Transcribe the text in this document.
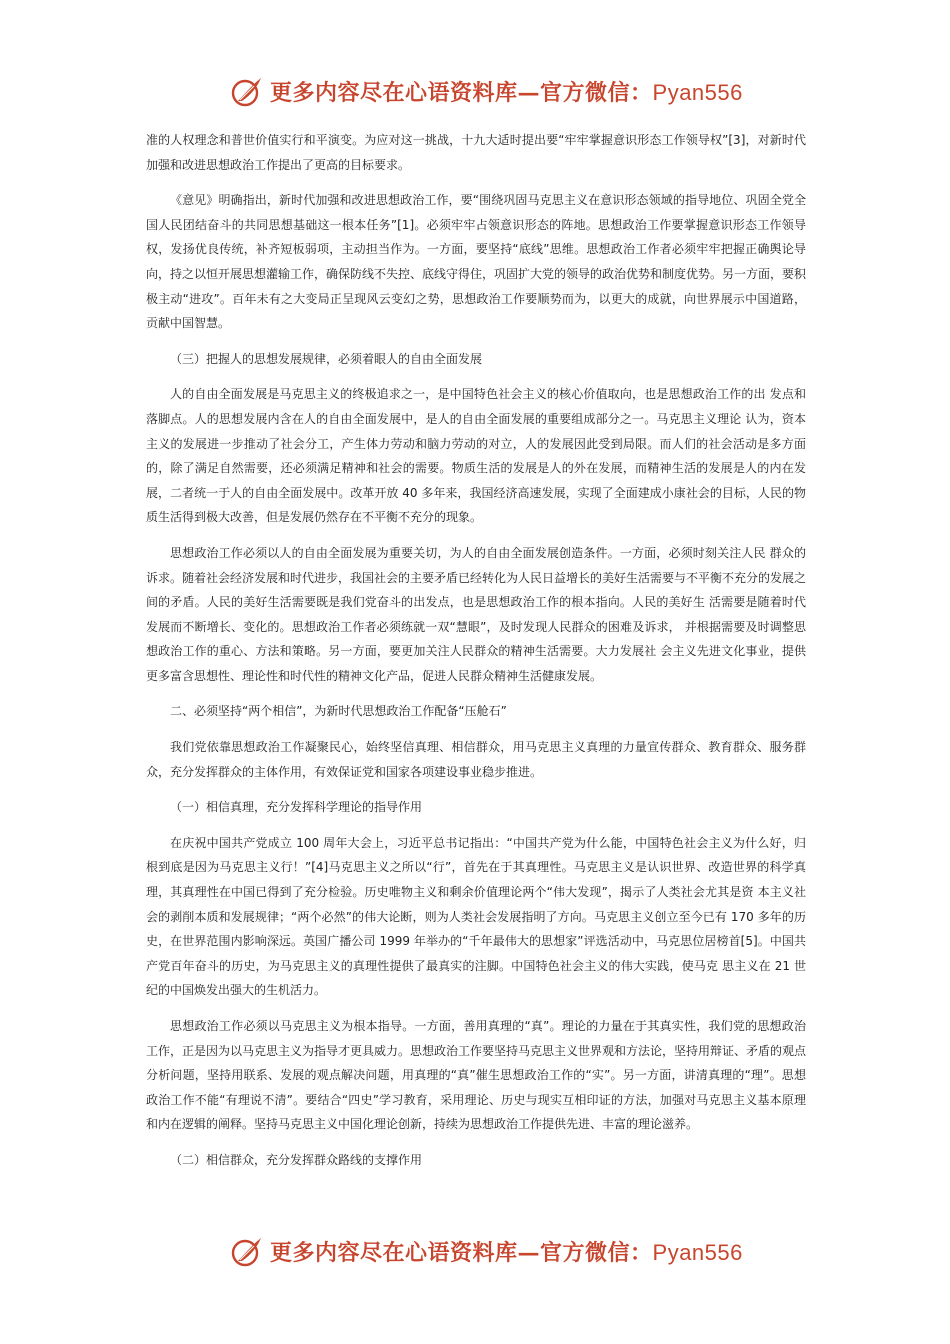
更多内容尽在心语资料库—官方微信：Pyan556

准的人权理念和普世价值实行和平演变。为应对这一挑战，十九大适时提出要“牢牢掌握意识形态工作领导权”[3]，对新时代加强和改进思想政治工作提出了更高的目标要求。

《意见》明确指出，新时代加强和改进思想政治工作，要“围绕巩固马克思主义在意识形态领域的指导地位、巩固全党全国人民团结奋斗的共同思想基础这一根本任务”[1]。必须牢牢占领意识形态的阵地。思想政治工作要掌握意识形态工作领导权，发扬优良传统，补齐短板弱项，主动担当作为。一方面，要坚持“底线”思维。思想政治工作者必须牢牢把握正确舆论导向，持之以恒开展思想灌输工作，确保防线不失控、底线守得住，巩固扩大党的领导的政治优势和制度优势。另一方面，要积极主动“进攻”。百年未有之大变局正呈现风云变幻之势，思想政治工作要顺势而为，以更大的成就，向世界展示中国道路，贡献中国智慧。

（三）把握人的思想发展规律，必须着眼人的自由全面发展

人的自由全面发展是马克思主义的终极追求之一，是中国特色社会主义的核心价值取向，也是思想政治工作的出 发点和落脚点。人的思想发展内含在人的自由全面发展中，是人的自由全面发展的重要组成部分之一。马克思主义理论 认为，资本主义的发展进一步推动了社会分工，产生体力劳动和脑力劳动的对立，人的发展因此受到局限。而人们的社会活动是多方面的，除了满足自然需要，还必须满足精神和社会的需要。物质生活的发展是人的外在发展，而精神生活的发展是人的内在发展，二者统一于人的自由全面发展中。改革开放 40 多年来，我国经济高速发展，实现了全面建成小康社会的目标，人民的物质生活得到极大改善，但是发展仍然存在不平衡不充分的现象。

思想政治工作必须以人的自由全面发展为重要关切，为人的自由全面发展创造条件。一方面，必须时刻关注人民 群众的诉求。随着社会经济发展和时代进步，我国社会的主要矛盾已经转化为人民日益增长的美好生活需要与不平衡不充分的发展之间的矛盾。人民的美好生活需要既是我们党奋斗的出发点，也是思想政治工作的根本指向。人民的美好生 活需要是随着时代发展而不断增长、变化的。思想政治工作者必须练就一双“慧眼”，及时发现人民群众的困难及诉求， 并根据需要及时调整思想政治工作的重心、方法和策略。另一方面，要更加关注人民群众的精神生活需要。大力发展社 会主义先进文化事业，提供更多富含思想性、理论性和时代性的精神文化产品，促进人民群众精神生活健康发展。

二、必须坚持“两个相信”，为新时代思想政治工作配备“压舱石”

我们党依靠思想政治工作凝聚民心，始终坚信真理、相信群众，用马克思主义真理的力量宣传群众、教育群众、服务群众，充分发挥群众的主体作用，有效保证党和国家各项建设事业稳步推进。

（一）相信真理，充分发挥科学理论的指导作用

在庆祝中国共产党成立 100 周年大会上，习近平总书记指出：“中国共产党为什么能，中国特色社会主义为什么好，归根到底是因为马克思主义行！”[4]马克思主义之所以“行”，首先在于其真理性。马克思主义是认识世界、改造世界的科学真理，其真理性在中国已得到了充分检验。历史唯物主义和剩余价值理论两个“伟大发现”，揭示了人类社会尤其是资 本主义社会的剥削本质和发展规律；“两个必然”的伟大论断，则为人类社会发展指明了方向。马克思主义创立至今已有 170 多年的历史，在世界范围内影响深远。英国广播公司 1999 年举办的“千年最伟大的思想家”评选活动中，马克思位居榜首[5]。中国共产党百年奋斗的历史，为马克思主义的真理性提供了最真实的注脚。中国特色社会主义的伟大实践，使马克 思主义在 21 世纪的中国焕发出强大的生机活力。

思想政治工作必须以马克思主义为根本指导。一方面，善用真理的“真”。理论的力量在于其真实性，我们党的思想政治工作，正是因为以马克思主义为指导才更具威力。思想政治工作要坚持马克思主义世界观和方法论，坚持用辩证、矛盾的观点分析问题，坚持用联系、发展的观点解决问题，用真理的“真”催生思想政治工作的“实”。另一方面，讲清真理的“理”。思想政治工作不能“有理说不清”。要结合“四史”学习教育，采用理论、历史与现实互相印证的方法，加强对马克思主义基本原理和内在逻辑的阐释。坚持马克思主义中国化理论创新，持续为思想政治工作提供先进、丰富的理论滋养。

（二）相信群众，充分发挥群众路线的支撑作用

更多内容尽在心语资料库—官方微信：Pyan556
